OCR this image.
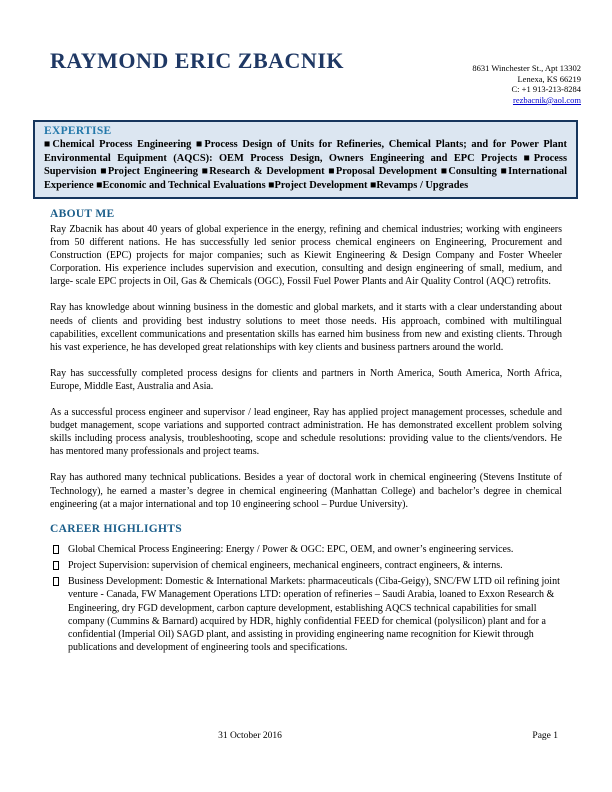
RAYMOND ERIC ZBACNIK	8631 Winchester St., Apt 13302
Lenexa, KS 66219
C: +1 913-213-8284
rezbacnik@aol.com
EXPERTISE
■Chemical Process Engineering ■Process Design of Units for Refineries, Chemical Plants; and for Power Plant Environmental Equipment (AQCS): OEM Process Design, Owners Engineering and EPC Projects ■Process Supervision ■Project Engineering ■Research & Development ■Proposal Development ■Consulting ■International Experience ■Economic and Technical Evaluations ■Project Development ■Revamps / Upgrades
ABOUT ME

Ray Zbacnik has about 40 years of global experience in the energy, refining and chemical industries; working with engineers from 50 different nations. He has successfully led senior process chemical engineers on Engineering, Procurement and Construction (EPC) projects for major companies; such as Kiewit Engineering & Design Company and Foster Wheeler Corporation. His experience includes supervision and execution, consulting and design engineering of small, medium, and large- scale EPC projects in Oil, Gas & Chemicals (OGC), Fossil Fuel Power Plants and Air Quality Control (AQC) retrofits.

Ray has knowledge about winning business in the domestic and global markets, and it starts with a clear understanding about needs of clients and providing best industry solutions to meet those needs. His approach, combined with multilingual capabilities, excellent communications and presentation skills has earned him business from new and existing clients. Through his vast experience, he has developed great relationships with key clients and business partners around the world.

Ray has successfully completed process designs for clients and partners in North America, South America, North Africa, Europe, Middle East, Australia and Asia.

As a successful process engineer and supervisor / lead engineer, Ray has applied project management processes, schedule and budget management, scope variations and supported contract administration. He has demonstrated excellent problem solving skills including process analysis, troubleshooting, scope and schedule resolutions: providing value to the clients/vendors. He has mentored many professionals and project teams.

Ray has authored many technical publications. Besides a year of doctoral work in chemical engineering (Stevens Institute of Technology), he earned a master’s degree in chemical engineering (Manhattan College) and bachelor’s degree in chemical engineering (at a major international and top 10 engineering school – Purdue University).

CAREER HIGHLIGHTS
Global Chemical Process Engineering: Energy / Power & OGC: EPC, OEM, and owner’s engineering services.
Project Supervision: supervision of chemical engineers, mechanical engineers, contract engineers, & interns.
Business Development: Domestic & International Markets: pharmaceuticals (Ciba-Geigy), SNC/FW LTD oil refining joint venture - Canada, FW Management Operations LTD: operation of refineries – Saudi Arabia, loaned to Exxon Research & Engineering, dry FGD development, carbon capture development, establishing AQCS technical capabilities for small company (Cummins & Barnard) acquired by HDR, highly confidential FEED for chemical (polysilicon) plant and for a confidential (Imperial Oil) SAGD plant, and assisting in providing engineering name recognition for Kiewit through publications and development of engineering tools and specifications.
31 October 2016	Page 1
